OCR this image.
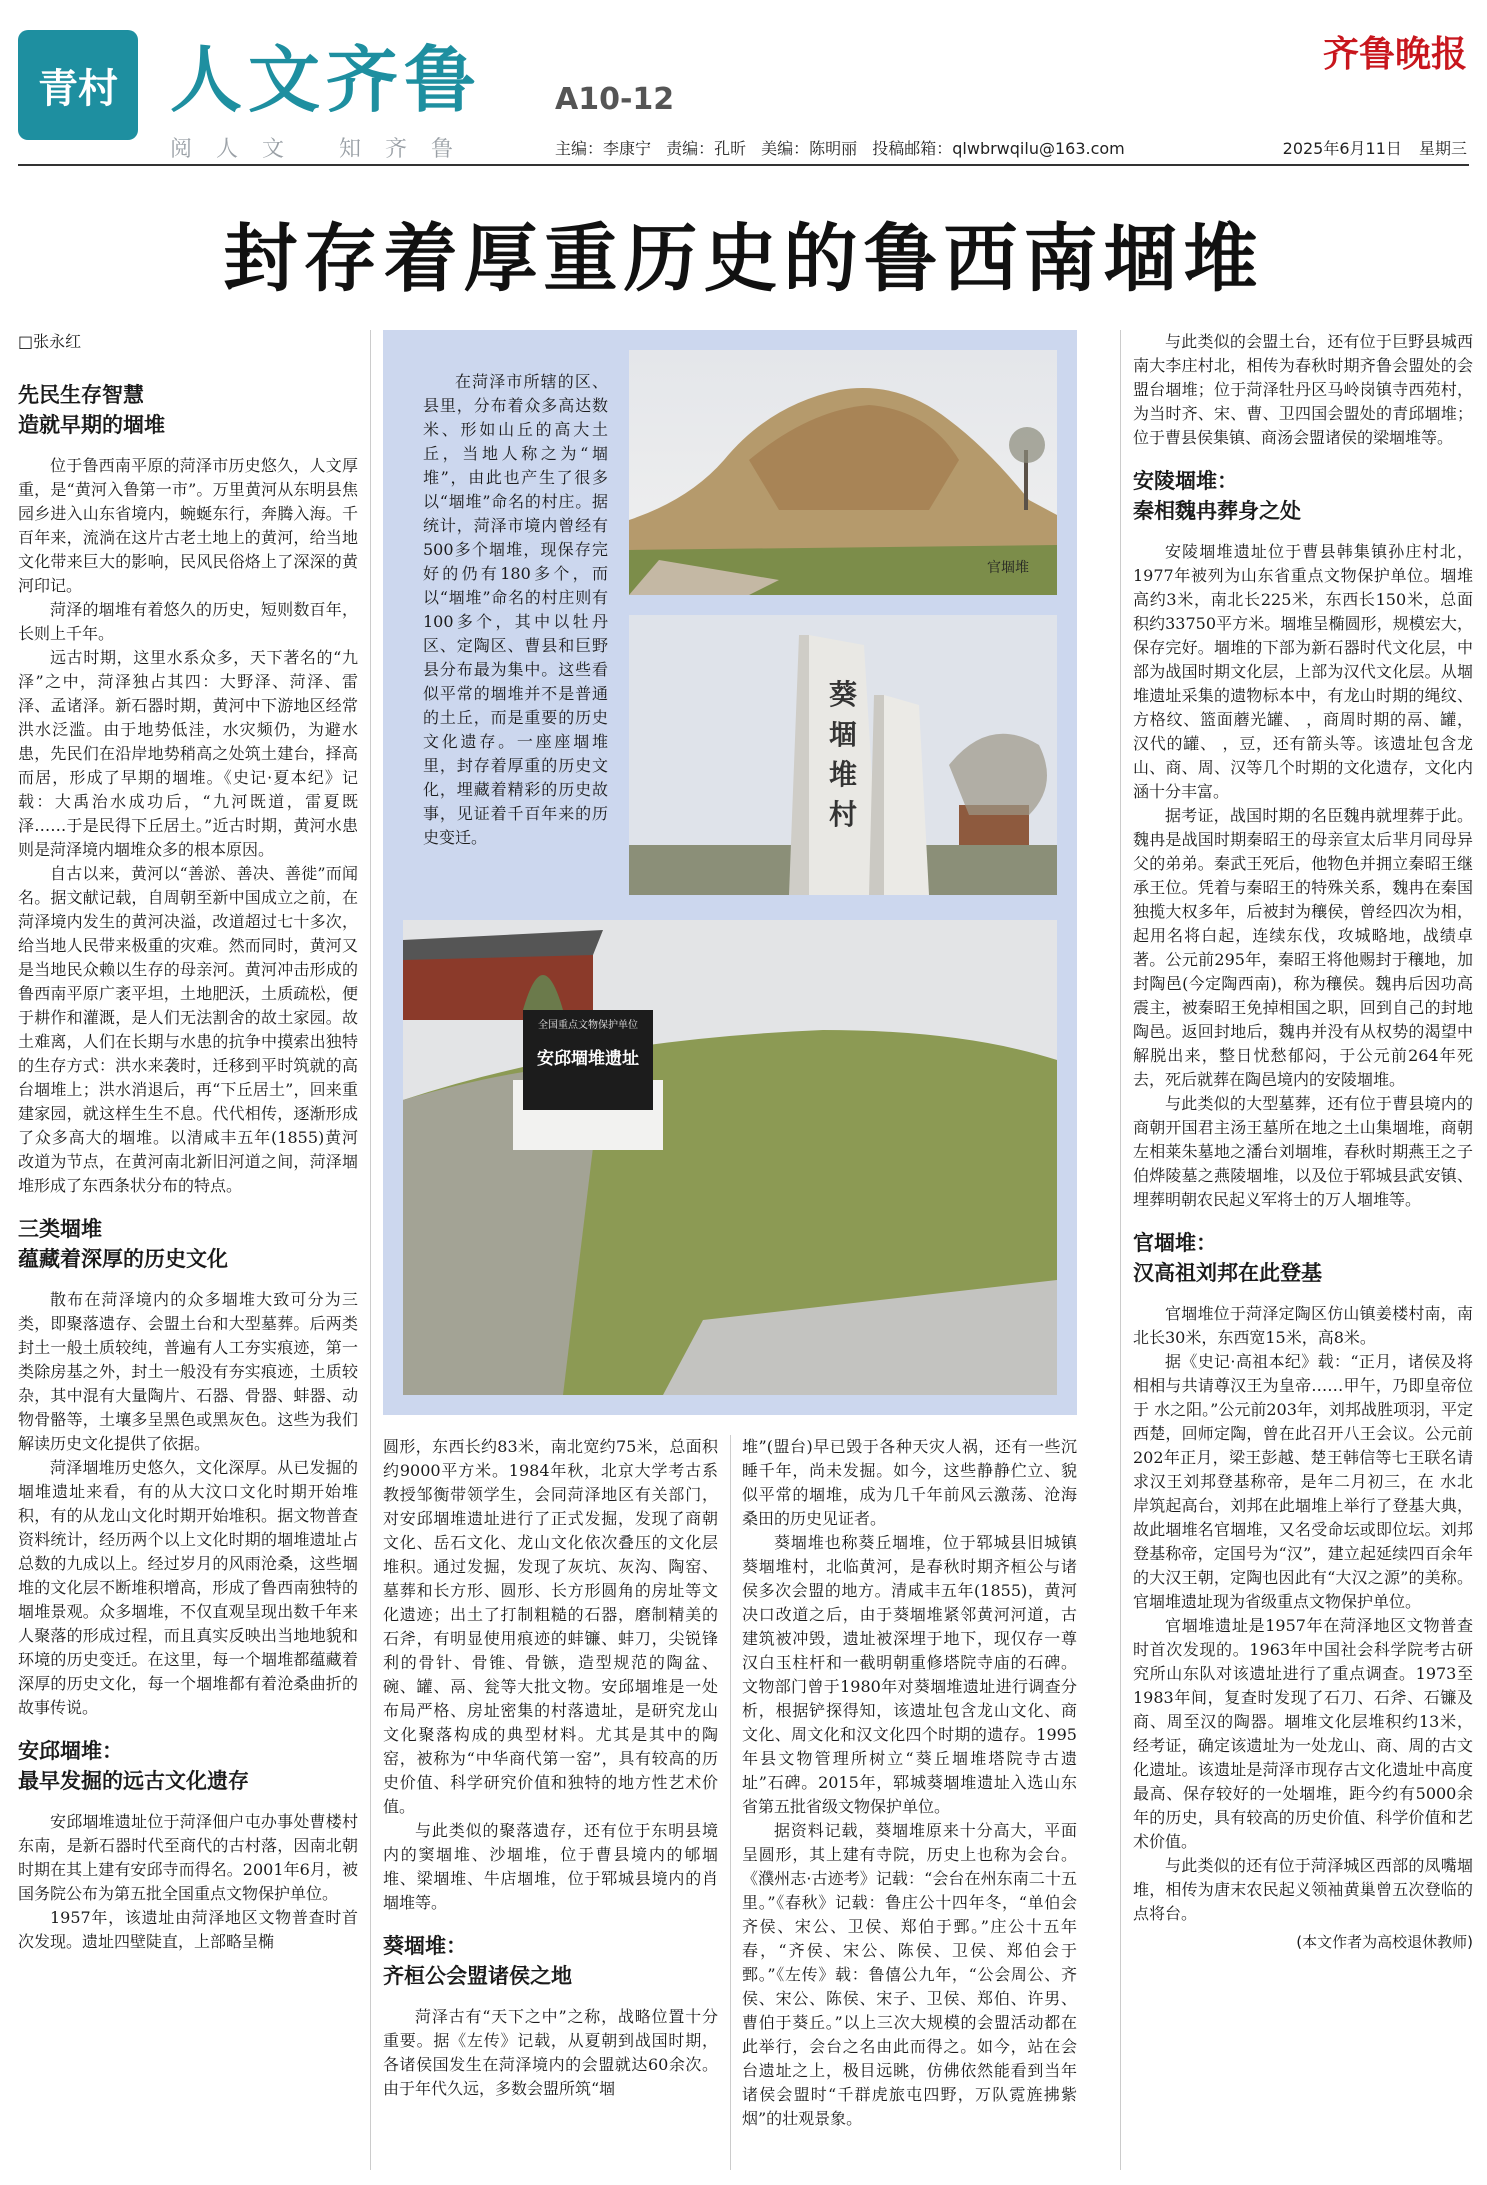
青村 人文齐鲁 A10-12
齐鲁晚报
阅人文 知齐鲁	主编：李康宁 责编：孔昕 美编：陈明丽 投稿邮箱：qlwbrwqilu@163.com	2025年6月11日 星期三
封存着厚重历史的鲁西南堌堆
□张永红
先民生存智慧
造就早期的堌堆

位于鲁西南平原的菏泽市历史悠久，人文厚重，是“黄河入鲁第一市”。万里黄河从东明县焦园乡进入山东省境内，蜿蜒东行，奔腾入海。千百年来，流淌在这片古老土地上的黄河，给当地文化带来巨大的影响，民风民俗烙上了深深的黄河印记。

菏泽的堌堆有着悠久的历史，短则数百年，长则上千年。

远古时期，这里水系众多，天下著名的“九泽”之中，菏泽独占其四：大野泽、菏泽、雷泽、孟诸泽。新石器时期，黄河中下游地区经常洪水泛滥。由于地势低洼，水灾频仍，为避水患，先民们在沿岸地势稍高之处筑土建台，择高而居，形成了早期的堌堆。《史记·夏本纪》记载：大禹治水成功后，“九河既道，雷夏既泽……于是民得下丘居土。”近古时期，黄河水患则是菏泽境内堌堆众多的根本原因。

自古以来，黄河以“善淤、善决、善徙”而闻名。据文献记载，自周朝至新中国成立之前，在菏泽境内发生的黄河决溢，改道超过七十多次，给当地人民带来极重的灾难。然而同时，黄河又是当地民众赖以生存的母亲河。黄河冲击形成的鲁西南平原广袤平坦，土地肥沃，土质疏松，便于耕作和灌溉，是人们无法割舍的故土家园。故土难离，人们在长期与水患的抗争中摸索出独特的生存方式：洪水来袭时，迁移到平时筑就的高台堌堆上；洪水消退后，再“下丘居土”，回来重建家园，就这样生生不息。代代相传，逐渐形成了众多高大的堌堆。以清咸丰五年(1855)黄河改道为节点，在黄河南北新旧河道之间，菏泽堌堆形成了东西条状分布的特点。

三类堌堆
蕴藏着深厚的历史文化

散布在菏泽境内的众多堌堆大致可分为三类，即聚落遗存、会盟土台和大型墓葬。后两类封土一般土质较纯，普遍有人工夯实痕迹，第一类除房基之外，封土一般没有夯实痕迹，土质较杂，其中混有大量陶片、石器、骨器、蚌器、动物骨骼等，土壤多呈黑色或黑灰色。这些为我们解读历史文化提供了依据。

菏泽堌堆历史悠久，文化深厚。从已发掘的堌堆遗址来看，有的从大汶口文化时期开始堆积，有的从龙山文化时期开始堆积。据文物普查资料统计，经历两个以上文化时期的堌堆遗址占总数的九成以上。经过岁月的风雨沧桑，这些堌堆的文化层不断堆积增高，形成了鲁西南独特的堌堆景观。众多堌堆，不仅直观呈现出数千年来人聚落的形成过程，而且真实反映出当地地貌和环境的历史变迁。在这里，每一个堌堆都蕴藏着深厚的历史文化，每一个堌堆都有着沧桑曲折的故事传说。

安邱堌堆：
最早发掘的远古文化遗存

安邱堌堆遗址位于菏泽佃户屯办事处曹楼村东南，是新石器时代至商代的古村落，因南北朝时期在其上建有安邱寺而得名。2001年6月，被国务院公布为第五批全国重点文物保护单位。

1957年，该遗址由菏泽地区文物普查时首次发现。遗址四壁陡直，上部略呈椭

在菏泽市所辖的区、县里，分布着众多高达数米、形如山丘的高大土丘，当地人称之为“堌堆”，由此也产生了很多以“堌堆”命名的村庄。据统计，菏泽市境内曾经有500多个堌堆，现保存完好的仍有180多个，而以“堌堆”命名的村庄则有100多个，其中以牡丹区、定陶区、曹县和巨野县分布最为集中。这些看似平常的堌堆并不是普通的土丘，而是重要的历史文化遗存。一座座堌堆里，封存着厚重的历史文化，埋藏着精彩的历史故事，见证着千百年来的历史变迁。

官堌堆
葵堌堆村
全国重点文物保护单位
安邱堌堆遗址

圆形，东西长约83米，南北宽约75米，总面积约9000平方米。1984年秋，北京大学考古系教授邹衡带领学生，会同菏泽地区有关部门，对安邱堌堆遗址进行了正式发掘，发现了商朝文化、岳石文化、龙山文化依次叠压的文化层堆积。通过发掘，发现了灰坑、灰沟、陶窑、墓葬和长方形、圆形、长方形圆角的房址等文化遗迹；出土了打制粗糙的石器，磨制精美的石斧，有明显使用痕迹的蚌镰、蚌刀，尖锐锋利的骨针、骨锥、骨镞，造型规范的陶盆、碗、罐、鬲、瓮等大批文物。安邱堌堆是一处布局严格、房址密集的村落遗址，是研究龙山文化聚落构成的典型材料。尤其是其中的陶窑，被称为“中华商代第一窑”，具有较高的历史价值、科学研究价值和独特的地方性艺术价值。

与此类似的聚落遗存，还有位于东明县境内的窦堌堆、沙堌堆，位于曹县境内的郇堌堆、梁堌堆、牛店堌堆，位于郓城县境内的肖堌堆等。

葵堌堆：
齐桓公会盟诸侯之地

菏泽古有“天下之中”之称，战略位置十分重要。据《左传》记载，从夏朝到战国时期，各诸侯国发生在菏泽境内的会盟就达60余次。由于年代久远，多数会盟所筑“堌

堆”(盟台)早已毁于各种天灾人祸，还有一些沉睡千年，尚未发掘。如今，这些静静伫立、貌似平常的堌堆，成为几千年前风云激荡、沧海桑田的历史见证者。

葵堌堆也称葵丘堌堆，位于郓城县旧城镇葵堌堆村，北临黄河，是春秋时期齐桓公与诸侯多次会盟的地方。清咸丰五年(1855)，黄河决口改道之后，由于葵堌堆紧邻黄河河道，古建筑被冲毁，遗址被深埋于地下，现仅存一尊汉白玉柱杆和一截明朝重修塔院寺庙的石碑。文物部门曾于1980年对葵堌堆遗址进行调查分析，根据铲探得知，该遗址包含龙山文化、商文化、周文化和汉文化四个时期的遗存。1995年县文物管理所树立“葵丘堌堆塔院寺古遗址”石碑。2015年，郓城葵堌堆遗址入选山东省第五批省级文物保护单位。

据资料记载，葵堌堆原来十分高大，平面呈圆形，其上建有寺院，历史上也称为会台。《濮州志·古迹考》记载：“会台在州东南二十五里。”《春秋》记载：鲁庄公十四年冬，“单伯会齐侯、宋公、卫侯、郑伯于鄄。”庄公十五年春，“齐侯、宋公、陈侯、卫侯、郑伯会于鄄。”《左传》载：鲁僖公九年，“公会周公、齐侯、宋公、陈侯、宋子、卫侯、郑伯、许男、曹伯于葵丘。”以上三次大规模的会盟活动都在此举行，会台之名由此而得之。如今，站在会台遗址之上，极目远眺，仿佛依然能看到当年诸侯会盟时“千群虎旅屯四野，万队霓旌拂紫烟”的壮观景象。

与此类似的会盟土台，还有位于巨野县城西南大李庄村北，相传为春秋时期齐鲁会盟处的会盟台堌堆；位于菏泽牡丹区马岭岗镇寺西苑村，为当时齐、宋、曹、卫四国会盟处的青邱堌堆；位于曹县侯集镇、商汤会盟诸侯的梁堌堆等。

安陵堌堆：
秦相魏冉葬身之处

安陵堌堆遗址位于曹县韩集镇孙庄村北，1977年被列为山东省重点文物保护单位。堌堆高约3米，南北长225米，东西长150米，总面积约33750平方米。堌堆呈椭圆形，规模宏大，保存完好。堌堆的下部为新石器时代文化层，中部为战国时期文化层，上部为汉代文化层。从堌堆遗址采集的遗物标本中，有龙山时期的绳纹、方格纹、篮面蘑光罐、 ，商周时期的鬲、罐，汉代的罐、 ，豆，还有箭头等。该遗址包含龙山、商、周、汉等几个时期的文化遗存，文化内涵十分丰富。

据考证，战国时期的名臣魏冉就埋葬于此。魏冉是战国时期秦昭王的母亲宣太后芈月同母异父的弟弟。秦武王死后，他物色并拥立秦昭王继承王位。凭着与秦昭王的特殊关系，魏冉在秦国独揽大权多年，后被封为穰侯，曾经四次为相，起用名将白起，连续东伐，攻城略地，战绩卓著。公元前295年，秦昭王将他赐封于穰地，加封陶邑(今定陶西南)，称为穰侯。魏冉后因功高震主，被秦昭王免掉相国之职，回到自己的封地陶邑。返回封地后，魏冉并没有从权势的渴望中解脱出来，整日忧愁郁闷，于公元前264年死去，死后就葬在陶邑境内的安陵堌堆。

与此类似的大型墓葬，还有位于曹县境内的商朝开国君主汤王墓所在地之土山集堌堆，商朝左相莱朱墓地之潘台刘堌堆，春秋时期燕王之子伯烨陵墓之燕陵堌堆，以及位于郓城县武安镇、埋葬明朝农民起义军将士的万人堌堆等。

官堌堆：
汉高祖刘邦在此登基

官堌堆位于菏泽定陶区仿山镇姜楼村南，南北长30米，东西宽15米，高8米。

据《史记·高祖本纪》载：“正月，诸侯及将相相与共请尊汉王为皇帝……甲午，乃即皇帝位于 水之阳。”公元前203年，刘邦战胜项羽，平定西楚，回师定陶，曾在此召开八王会议。公元前202年正月，梁王彭越、楚王韩信等七王联名请求汉王刘邦登基称帝，是年二月初三，在 水北岸筑起高台，刘邦在此堌堆上举行了登基大典，故此堌堆名官堌堆，又名受命坛或即位坛。刘邦登基称帝，定国号为“汉”，建立起延续四百余年的大汉王朝，定陶也因此有“大汉之源”的美称。官堌堆遗址现为省级重点文物保护单位。

官堌堆遗址是1957年在菏泽地区文物普查时首次发现的。1963年中国社会科学院考古研究所山东队对该遗址进行了重点调查。1973至1983年间，复查时发现了石刀、石斧、石镰及商、周至汉的陶器。堌堆文化层堆积约13米，经考证，确定该遗址为一处龙山、商、周的古文化遗址。该遗址是菏泽市现存古文化遗址中高度最高、保存较好的一处堌堆，距今约有5000余年的历史，具有较高的历史价值、科学价值和艺术价值。

与此类似的还有位于菏泽城区西部的凤嘴堌堆，相传为唐末农民起义领袖黄巢曾五次登临的点将台。

(本文作者为高校退休教师)
